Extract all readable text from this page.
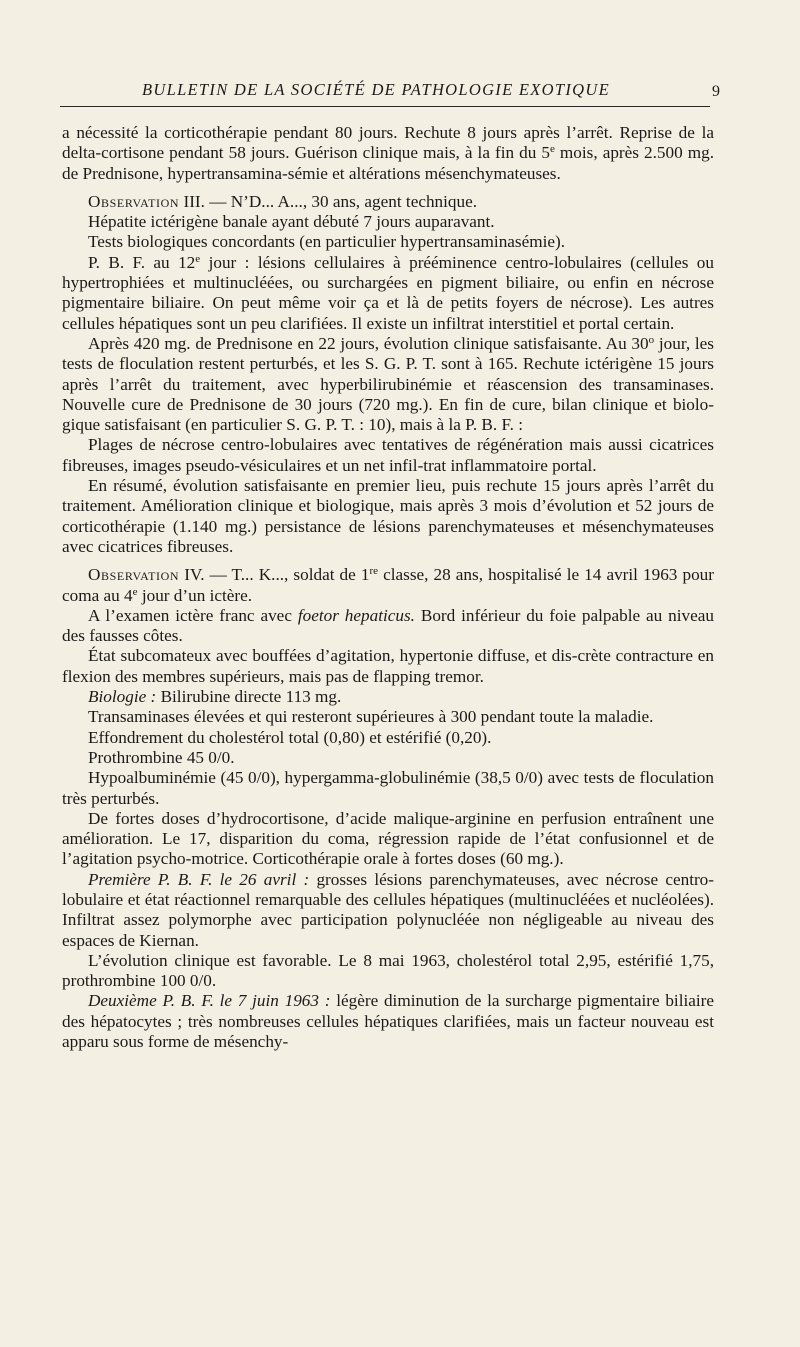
BULLETIN DE LA SOCIÉTÉ DE PATHOLOGIE EXOTIQUE	9

a nécessité la corticothérapie pendant 80 jours. Rechute 8 jours après l’arrêt. Reprise de la delta-cortisone pendant 58 jours. Guérison clinique mais, à la fin du 5e mois, après 2.500 mg. de Prednisone, hypertransamina-sémie et altérations mésenchymateuses.

Observation III. — N’D... A..., 30 ans, agent technique.

Hépatite ictérigène banale ayant débuté 7 jours auparavant.

Tests biologiques concordants (en particulier hypertransaminasémie).

P. B. F. au 12e jour : lésions cellulaires à prééminence centro-lobulaires (cellules ou hypertrophiées et multinucléées, ou surchargées en pigment biliaire, ou enfin en nécrose pigmentaire biliaire. On peut même voir ça et là de petits foyers de nécrose). Les autres cellules hépatiques sont un peu clarifiées. Il existe un infiltrat interstitiel et portal certain.

Après 420 mg. de Prednisone en 22 jours, évolution clinique satisfaisante. Au 30$^o$ jour, les tests de floculation restent perturbés, et les S. G. P. T. sont à 165. Rechute ictérigène 15 jours après l’arrêt du traitement, avec hyperbilirubinémie et réascension des transaminases. Nouvelle cure de Prednisone de 30 jours (720 mg.). En fin de cure, bilan clinique et biolo-gique satisfaisant (en particulier S. G. P. T. : 10), mais à la P. B. F. :

Plages de nécrose centro-lobulaires avec tentatives de régénération mais aussi cicatrices fibreuses, images pseudo-vésiculaires et un net infil-trat inflammatoire portal.

En résumé, évolution satisfaisante en premier lieu, puis rechute 15 jours après l’arrêt du traitement. Amélioration clinique et biologique, mais après 3 mois d’évolution et 52 jours de corticothérapie (1.140 mg.) persistance de lésions parenchymateuses et mésenchymateuses avec cicatrices fibreuses.

Observation IV. — T... K..., soldat de 1re classe, 28 ans, hospitalisé le 14 avril 1963 pour coma au 4e jour d’un ictère.

A l’examen ictère franc avec foetor hepaticus. Bord inférieur du foie palpable au niveau des fausses côtes.

État subcomateux avec bouffées d’agitation, hypertonie diffuse, et dis-crète contracture en flexion des membres supérieurs, mais pas de flapping tremor.

Biologie : Bilirubine directe 113 mg.

Transaminases élevées et qui resteront supérieures à 300 pendant toute la maladie.

Effondrement du cholestérol total (0,80) et estérifié (0,20).

Prothrombine 45 0/0.

Hypoalbuminémie (45 0/0), hypergamma-globulinémie (38,5 0/0) avec tests de floculation très perturbés.

De fortes doses d’hydrocortisone, d’acide malique-arginine en perfusion entraînent une amélioration. Le 17, disparition du coma, régression rapide de l’état confusionnel et de l’agitation psycho-motrice. Corticothérapie orale à fortes doses (60 mg.).

Première P. B. F. le 26 avril : grosses lésions parenchymateuses, avec nécrose centro-lobulaire et état réactionnel remarquable des cellules hépatiques (multinucléées et nucléolées). Infiltrat assez polymorphe avec participation polynucléée non négligeable au niveau des espaces de Kiernan.

L’évolution clinique est favorable. Le 8 mai 1963, cholestérol total 2,95, estérifié 1,75, prothrombine 100 0/0.

Deuxième P. B. F. le 7 juin 1963 : légère diminution de la surcharge pigmentaire biliaire des hépatocytes ; très nombreuses cellules hépatiques clarifiées, mais un facteur nouveau est apparu sous forme de mésenchy-
